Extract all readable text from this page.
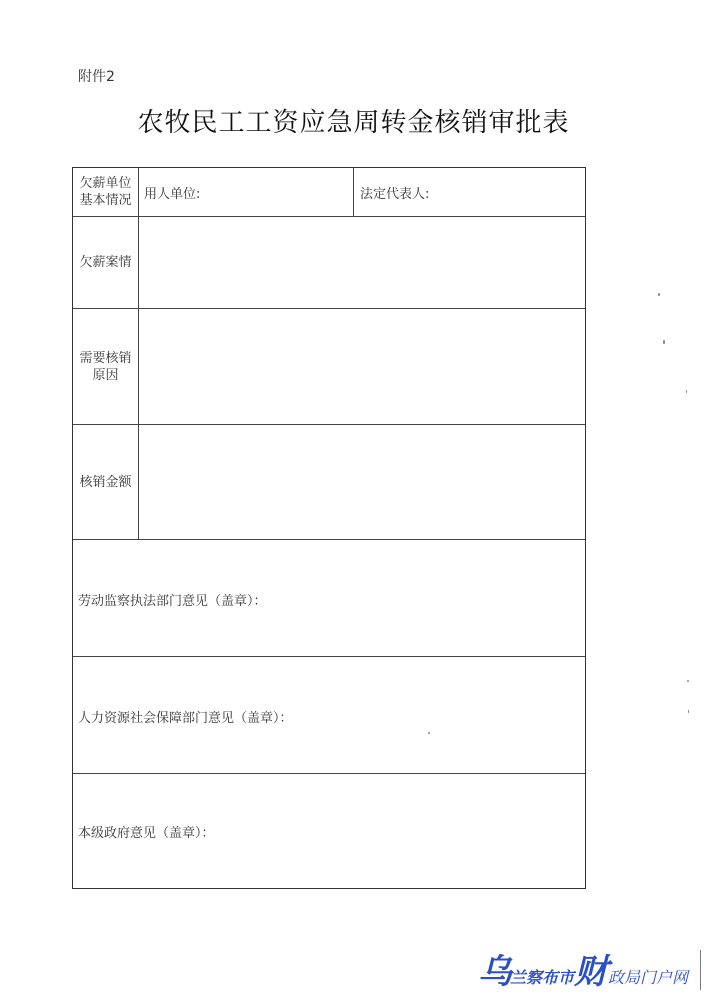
附件2
农牧民工工资应急周转金核销审批表
欠薪单位
基本情况 用人单位:	法定代表人:
欠薪案情
需要核销
原因
核销金额
劳动监察执法部门意见（盖章）：
人力资源社会保障部门意见（盖章）：
本级政府意见（盖章）：
乌 兰 察布市 财 政局门户网
